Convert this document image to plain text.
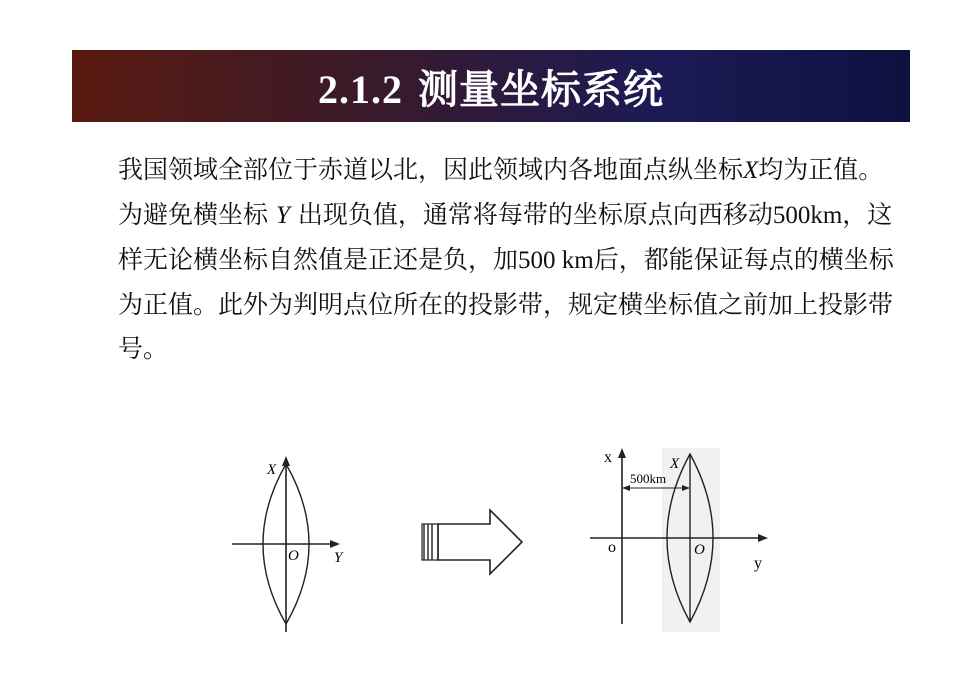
2.1.2 测量坐标系统

我国领域全部位于赤道以北，因此领域内各地面点纵坐标X均为正值。

为避免横坐标 Y 出现负值，通常将每带的坐标原点向西移动500km，这样无论横坐标自然值是正还是负，加500 km后，都能保证每点的横坐标为正值。此外为判明点位所在的投影带，规定横坐标值之前加上投影带号。

X
O Y
x	X
500km
o	O
y
